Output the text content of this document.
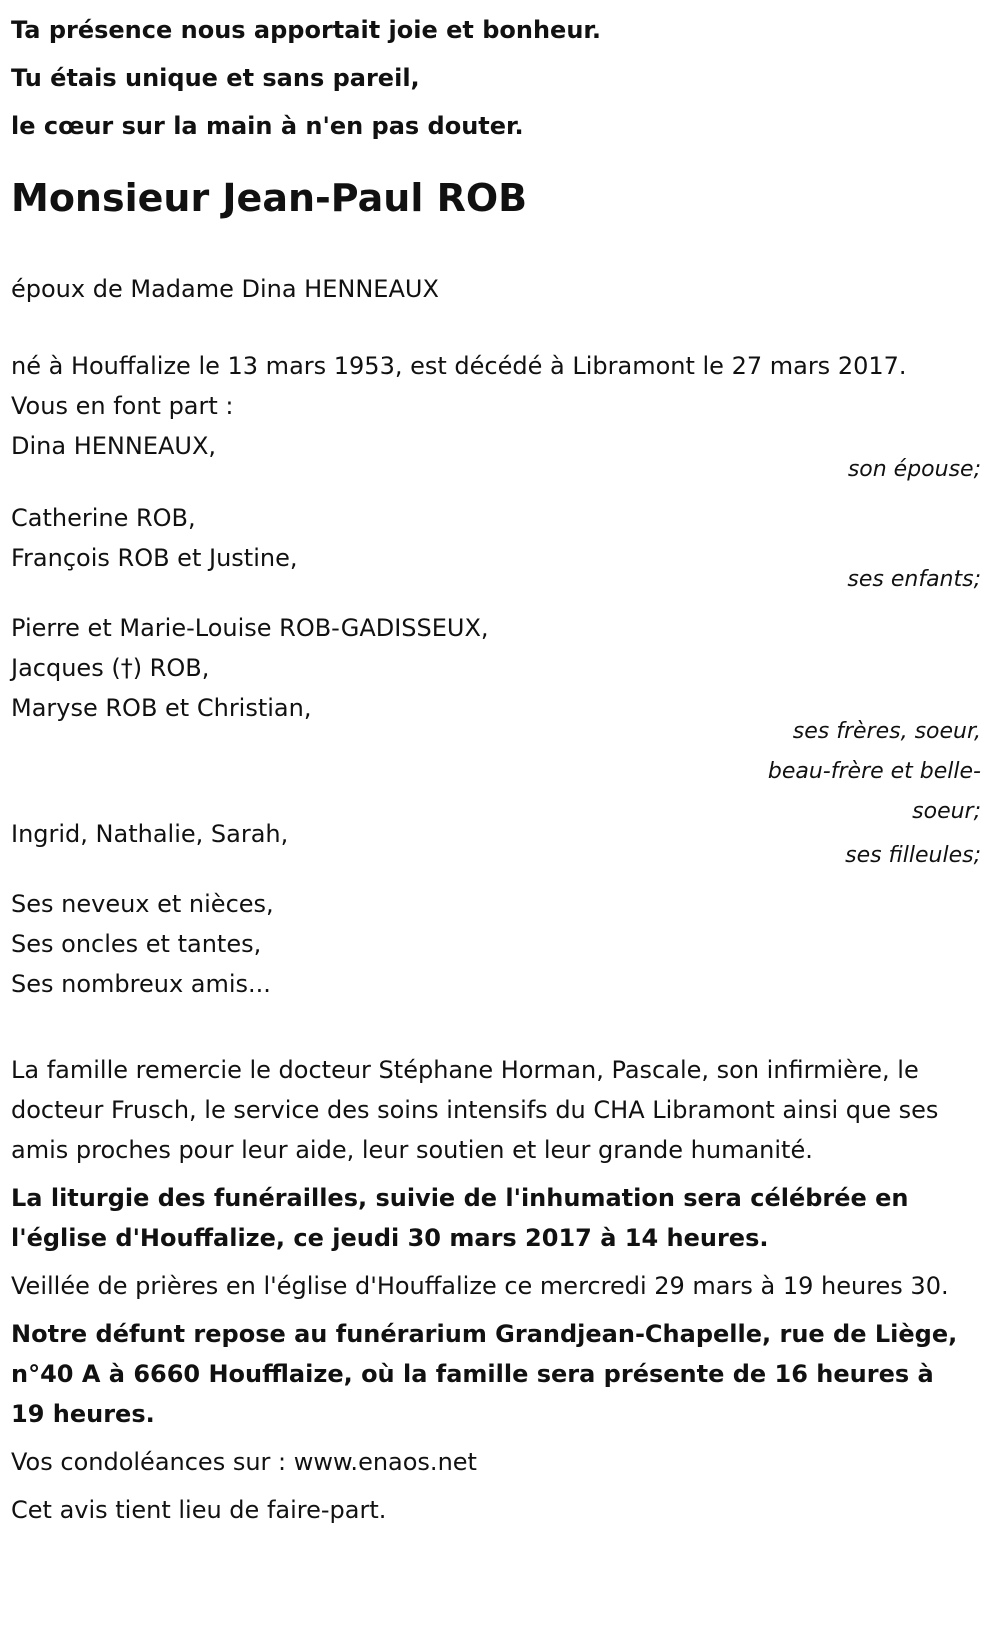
Ta présence nous apportait joie et bonheur.

Tu étais unique et sans pareil,

le cœur sur la main à n'en pas douter.

Monsieur Jean-Paul ROB

époux de Madame Dina HENNEAUX

né à Houffalize le 13 mars 1953, est décédé à Libramont le 27 mars 2017.

Vous en font part :

Dina HENNEAUX,

son épouse;

Catherine ROB,

François ROB et Justine,

ses enfants;

Pierre et Marie-Louise ROB-GADISSEUX,

Jacques (†) ROB,

Maryse ROB et Christian,

ses frères, soeur,
beau-frère et belle-
soeur;

Ingrid, Nathalie, Sarah,

ses filleules;

Ses neveux et nièces,

Ses oncles et tantes,

Ses nombreux amis...

La famille remercie le docteur Stéphane Horman, Pascale, son infirmière, le docteur Frusch, le service des soins intensifs du CHA Libramont ainsi que ses amis proches pour leur aide, leur soutien et leur grande humanité.

La liturgie des funérailles, suivie de l'inhumation sera célébrée en l'église d'Houffalize, ce jeudi 30 mars 2017 à 14 heures.

Veillée de prières en l'église d'Houffalize ce mercredi 29 mars à 19 heures 30.

Notre défunt repose au funérarium Grandjean-Chapelle, rue de Liège, n°40 A à 6660 Houfflaize, où la famille sera présente de 16 heures à 19 heures.

Vos condoléances sur : www.enaos.net

Cet avis tient lieu de faire-part.
